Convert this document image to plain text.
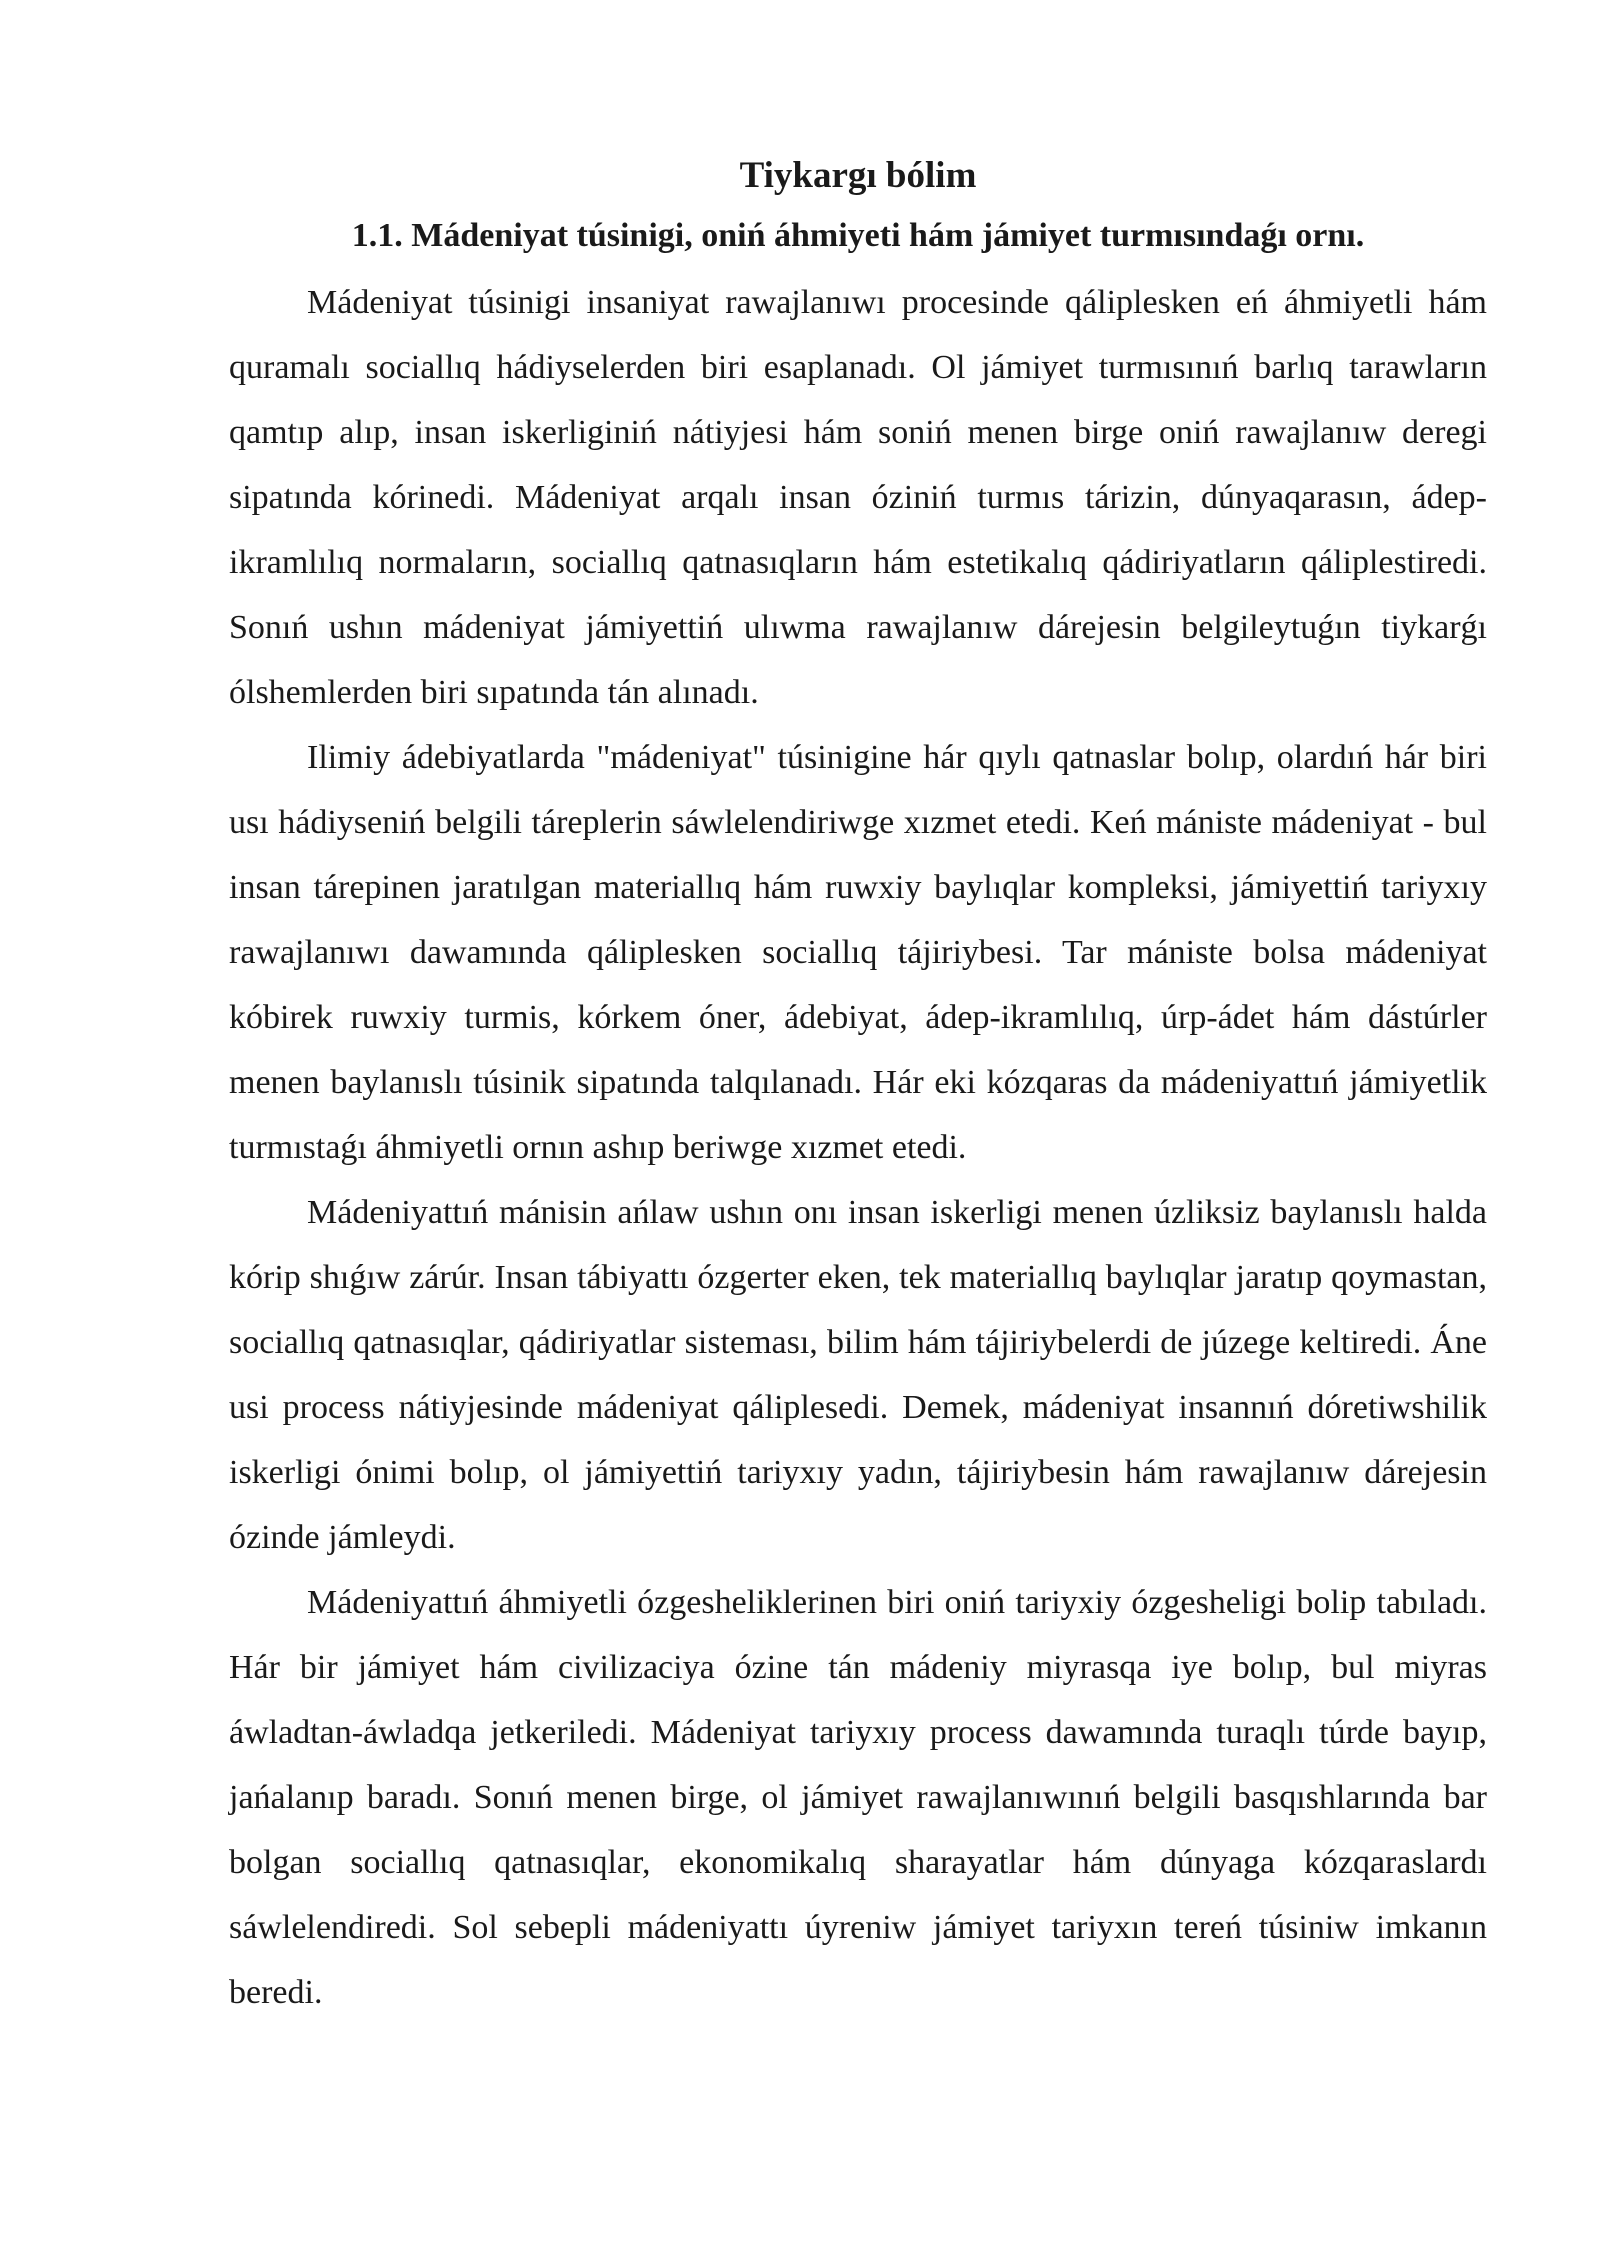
Tiykargı bólim
1.1. Mádeniyat túsinigi, oniń áhmiyeti hám jámiyet turmısındaǵı ornı.

Mádeniyat túsinigi insaniyat rawajlanıwı procesinde qáliplesken eń áhmiyetli hám quramalı sociallıq hádiyselerden biri esaplanadı. Ol jámiyet turmısınıń barlıq tarawların qamtıp alıp, insan iskerliginiń nátiyjesi hám soniń menen birge oniń rawajlanıw deregi sipatında kórinedi. Mádeniyat arqalı insan óziniń turmıs tárizin, dúnyaqarasın, ádep-ikramlılıq normaların, sociallıq qatnasıqların hám estetikalıq qádiriyatların qáliplestiredi. Sonıń ushın mádeniyat jámiyettiń ulıwma rawajlanıw dárejesin belgileytuǵın tiykarǵı ólshemlerden biri sıpatında tán alınadı.

Ilimiy ádebiyatlarda "mádeniyat" túsinigine hár qıylı qatnaslar bolıp, olardıń hár biri usı hádiyseniń belgili táreplerin sáwlelendiriwge xızmet etedi. Keń mániste mádeniyat - bul insan tárepinen jaratılgan materiallıq hám ruwxiy baylıqlar kompleksi, jámiyettiń tariyxıy rawajlanıwı dawamında qáliplesken sociallıq tájiriybesi. Tar mániste bolsa mádeniyat kóbirek ruwxiy turmis, kórkem óner, ádebiyat, ádep-ikramlılıq, úrp-ádet hám dástúrler menen baylanıslı túsinik sipatında talqılanadı. Hár eki kózqaras da mádeniyattıń jámiyetlik turmıstaǵı áhmiyetli ornın ashıp beriwge xızmet etedi.

Mádeniyattıń mánisin ańlaw ushın onı insan iskerligi menen úzliksiz baylanıslı halda kórip shıǵıw zárúr. Insan tábiyattı ózgerter eken, tek materiallıq baylıqlar jaratıp qoymastan, sociallıq qatnasıqlar, qádiriyatlar sisteması, bilim hám tájiriybelerdi de júzege keltiredi. Áne usi process nátiyjesinde mádeniyat qáliplesedi. Demek, mádeniyat insannıń dóretiwshilik iskerligi ónimi bolıp, ol jámiyettiń tariyxıy yadın, tájiriybesin hám rawajlanıw dárejesin ózinde jámleydi.

Mádeniyattıń áhmiyetli ózgesheliklerinen biri oniń tariyxiy ózgesheligi bolip tabıladı. Hár bir jámiyet hám civilizaciya ózine tán mádeniy miyrasqa iye bolıp, bul miyras áwladtan-áwladqa jetkeriledi. Mádeniyat tariyxıy process dawamında turaqlı túrde bayıp, jańalanıp baradı. Sonıń menen birge, ol jámiyet rawajlanıwınıń belgili basqıshlarında bar bolgan sociallıq qatnasıqlar, ekonomikalıq sharayatlar hám dúnyaga kózqaraslardı sáwlelendiredi. Sol sebepli mádeniyattı úyreniw jámiyet tariyxın tereń túsiniw imkanın beredi.
